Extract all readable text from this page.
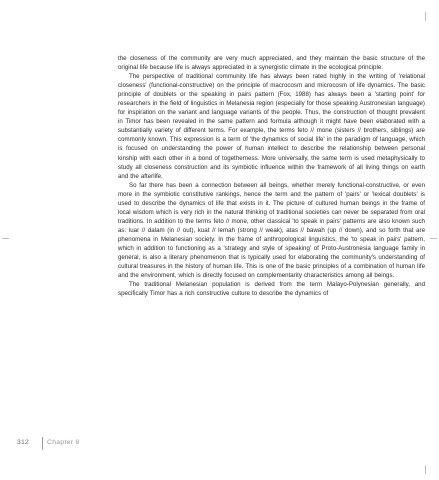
the closeness of the community are very much appreciated, and they maintain the basic structure of the original life because life is always appreciated in a synergistic climate in the ecological principle.

The perspective of traditional community life has always been rated highly in the writing of 'relational closeness' (functional-constructive) on the principle of macrocosm and microcosm of life dynamics. The basic principle of doublets or the speaking in pairs pattern (Fox, 1988) has always been a 'starting point' for researchers in the field of linguistics in Melanesia region (especially for those speaking Austronesian language) for inspiration on the variant and language variants of the people. Thus, the construction of thought prevalent in Timor has been revealed in the same pattern and formula although it might have been elaborated with a substantially variety of different terms. For example, the terms feto // mone (sisters // brothers, siblings) are commonly known. This expression is a term of 'the dynamics of social life' in the paradigm of language, which is focused on understanding the power of human intellect to describe the relationship between personal kinship with each other in a bond of togetherness. More universally, the same term is used metaphysically to study all closeness construction and its symbiotic influence within the framework of all living things on earth and the afterlife.

So far there has been a connection between all beings, whether merely functional-constructive, or even more in the symbiotic constitutive rankings, hence the term and the pattern of 'pairs' or 'lexical doublets' is used to describe the dynamics of life that exists in it. The picture of cultured human beings in the frame of local wisdom which is very rich in the natural thinking of traditional societies can never be separated from oral traditions. In addition to the terms feto // mone, other classical 'to speak in pairs' patterns are also known such as: luar // dalam (in // out), kuat // lemah (strong // weak), atas // bawah (up // down), and so forth that are phenomena in Melanesian society. In the frame of anthropological linguistics, the 'to speak in pairs' pattern, which in addition to functioning as a 'strategy and style of speaking' of Proto-Austronesia language family in general, is also a literary phenomenon that is typically used for elaborating the community's understanding of cultural treasures in the history of human life. This is one of the basic principles of a combination of human life and the environment, which is directly focused on complementarity characteristics among all beings.

The traditional Melanesian population is derived from the term Malayo-Polynesian generally, and specifically Timor has a rich constructive culture to describe the dynamics of

312	Chapter 8
